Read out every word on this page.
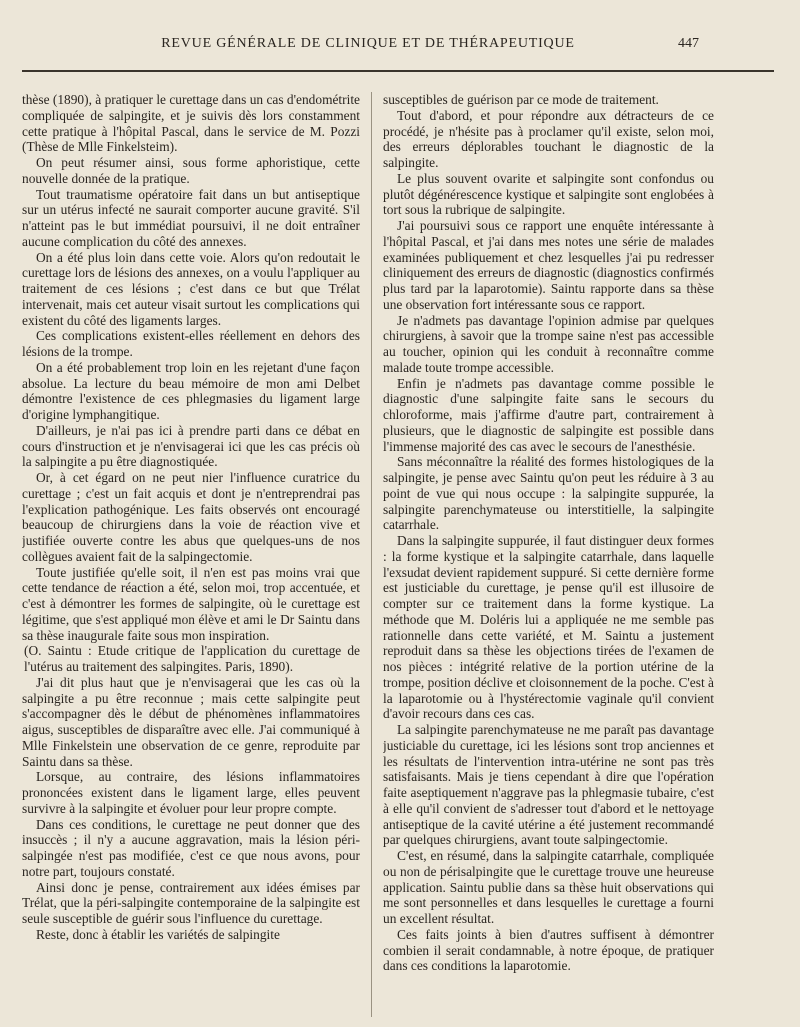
REVUE GÉNÉRALE DE CLINIQUE ET DE THÉRAPEUTIQUE	447

thèse (1890), à pratiquer le curettage dans un cas d'endométrite compliquée de salpingite, et je suivis dès lors constamment cette pratique à l'hôpital Pascal, dans le service de M. Pozzi (Thèse de Mlle Finkelsteim).

On peut résumer ainsi, sous forme aphoristique, cette nouvelle donnée de la pratique.

Tout traumatisme opératoire fait dans un but antiseptique sur un utérus infecté ne saurait comporter aucune gravité. S'il n'atteint pas le but immédiat poursuivi, il ne doit entraîner aucune complication du côté des annexes.

On a été plus loin dans cette voie. Alors qu'on redoutait le curettage lors de lésions des annexes, on a voulu l'appliquer au traitement de ces lésions ; c'est dans ce but que Trélat intervenait, mais cet auteur visait surtout les complications qui existent du côté des ligaments larges.

Ces complications existent-elles réellement en dehors des lésions de la trompe.

On a été probablement trop loin en les rejetant d'une façon absolue. La lecture du beau mémoire de mon ami Delbet démontre l'existence de ces phlegmasies du ligament large d'origine lymphangitique.

D'ailleurs, je n'ai pas ici à prendre parti dans ce débat en cours d'instruction et je n'envisagerai ici que les cas précis où la salpingite a pu être diagnostiquée.

Or, à cet égard on ne peut nier l'influence curatrice du curettage ; c'est un fait acquis et dont je n'entreprendrai pas l'explication pathogénique. Les faits observés ont encouragé beaucoup de chirurgiens dans la voie de réaction vive et justifiée ouverte contre les abus que quelques-uns de nos collègues avaient fait de la salpingectomie.

Toute justifiée qu'elle soit, il n'en est pas moins vrai que cette tendance de réaction a été, selon moi, trop accentuée, et c'est à démontrer les formes de salpingite, où le curettage est légitime, que s'est appliqué mon élève et ami le Dr Saintu dans sa thèse inaugurale faite sous mon inspiration.

(O. Saintu : Etude critique de l'application du curettage de l'utérus au traitement des salpingites. Paris, 1890).

J'ai dit plus haut que je n'envisagerai que les cas où la salpingite a pu être reconnue ; mais cette salpingite peut s'accompagner dès le début de phénomènes inflammatoires aigus, susceptibles de disparaître avec elle. J'ai communiqué à Mlle Finkelstein une observation de ce genre, reproduite par Saintu dans sa thèse.

Lorsque, au contraire, des lésions inflammatoires prononcées existent dans le ligament large, elles peuvent survivre à la salpingite et évoluer pour leur propre compte.

Dans ces conditions, le curettage ne peut donner que des insuccès ; il n'y a aucune aggravation, mais la lésion péri-salpingée n'est pas modifiée, c'est ce que nous avons, pour notre part, toujours constaté.

Ainsi donc je pense, contrairement aux idées émises par Trélat, que la péri-salpingite contemporaine de la salpingite est seule susceptible de guérir sous l'influence du curettage.

Reste, donc à établir les variétés de salpingite

susceptibles de guérison par ce mode de traitement.

Tout d'abord, et pour répondre aux détracteurs de ce procédé, je n'hésite pas à proclamer qu'il existe, selon moi, des erreurs déplorables touchant le diagnostic de la salpingite.

Le plus souvent ovarite et salpingite sont confondus ou plutôt dégénérescence kystique et salpingite sont englobées à tort sous la rubrique de salpingite.

J'ai poursuivi sous ce rapport une enquête intéressante à l'hôpital Pascal, et j'ai dans mes notes une série de malades examinées publiquement et chez lesquelles j'ai pu redresser cliniquement des erreurs de diagnostic (diagnostics confirmés plus tard par la laparotomie). Saintu rapporte dans sa thèse une observation fort intéressante sous ce rapport.

Je n'admets pas davantage l'opinion admise par quelques chirurgiens, à savoir que la trompe saine n'est pas accessible au toucher, opinion qui les conduit à reconnaître comme malade toute trompe accessible.

Enfin je n'admets pas davantage comme possible le diagnostic d'une salpingite faite sans le secours du chloroforme, mais j'affirme d'autre part, contrairement à plusieurs, que le diagnostic de salpingite est possible dans l'immense majorité des cas avec le secours de l'anesthésie.

Sans méconnaître la réalité des formes histologiques de la salpingite, je pense avec Saintu qu'on peut les réduire à 3 au point de vue qui nous occupe : la salpingite suppurée, la salpingite parenchymateuse ou interstitielle, la salpingite catarrhale.

Dans la salpingite suppurée, il faut distinguer deux formes : la forme kystique et la salpingite catarrhale, dans laquelle l'exsudat devient rapidement suppuré. Si cette dernière forme est justiciable du curettage, je pense qu'il est illusoire de compter sur ce traitement dans la forme kystique. La méthode que M. Doléris lui a appliquée ne me semble pas rationnelle dans cette variété, et M. Saintu a justement reproduit dans sa thèse les objections tirées de l'examen de nos pièces : intégrité relative de la portion utérine de la trompe, position déclive et cloisonnement de la poche. C'est à la laparotomie ou à l'hystérectomie vaginale qu'il convient d'avoir recours dans ces cas.

La salpingite parenchymateuse ne me paraît pas davantage justiciable du curettage, ici les lésions sont trop anciennes et les résultats de l'intervention intra-utérine ne sont pas très satisfaisants. Mais je tiens cependant à dire que l'opération faite aseptiquement n'aggrave pas la phlegmasie tubaire, c'est à elle qu'il convient de s'adresser tout d'abord et le nettoyage antiseptique de la cavité utérine a été justement recommandé par quelques chirurgiens, avant toute salpingectomie.

C'est, en résumé, dans la salpingite catarrhale, compliquée ou non de périsalpingite que le curettage trouve une heureuse application. Saintu publie dans sa thèse huit observations qui me sont personnelles et dans lesquelles le curettage a fourni un excellent résultat.

Ces faits joints à bien d'autres suffisent à démontrer combien il serait condamnable, à notre époque, de pratiquer dans ces conditions la laparotomie.
